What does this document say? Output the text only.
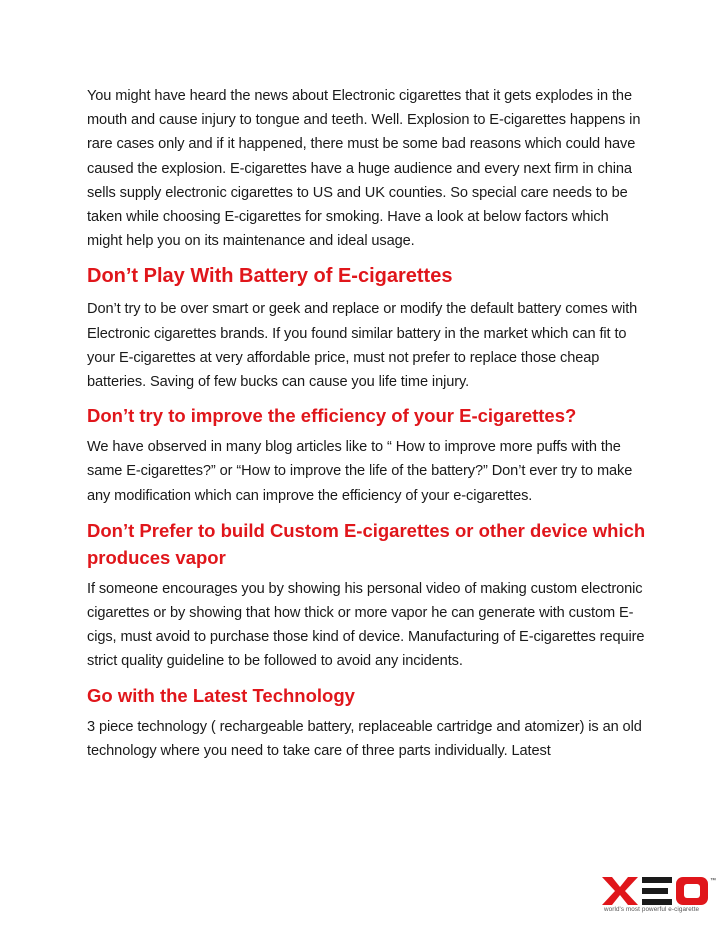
You might have heard the news about Electronic cigarettes that it gets explodes in the mouth and cause injury to tongue and teeth. Well. Explosion to E-cigarettes happens in rare cases only and if it happened, there must be some bad reasons which could have caused the explosion. E-cigarettes have a huge audience and every next firm in china sells supply electronic cigarettes to US and UK counties. So special care needs to be taken while choosing E-cigarettes for smoking. Have a look at below factors which might help you on its maintenance and ideal usage.

Don’t Play With Battery of E-cigarettes

Don’t try to be over smart or geek and replace or modify the default battery comes with Electronic cigarettes brands. If you found similar battery in the market which can fit to your E-cigarettes at very affordable price, must not prefer to replace those cheap batteries. Saving of few bucks can cause you life time injury.

Don’t try to improve the efficiency of your E-cigarettes?

We have observed in many blog articles like to “ How to improve more puffs with the same E-cigarettes?” or “How to improve the life of the battery?” Don’t ever try to make any modification which can improve the efficiency of your e-cigarettes.

Don’t Prefer to build Custom E-cigarettes or other device which produces vapor

If someone encourages you by showing his personal video of making custom electronic cigarettes or by showing that how thick or more vapor he can generate with custom E-cigs, must avoid to purchase those kind of device. Manufacturing of E-cigarettes require strict quality guideline to be followed to avoid any incidents.

Go with the Latest Technology

3 piece technology ( rechargeable battery, replaceable cartridge and atomizer) is an old technology where you need to take care of three parts individually. Latest

™
world's most powerful e-cigarette
